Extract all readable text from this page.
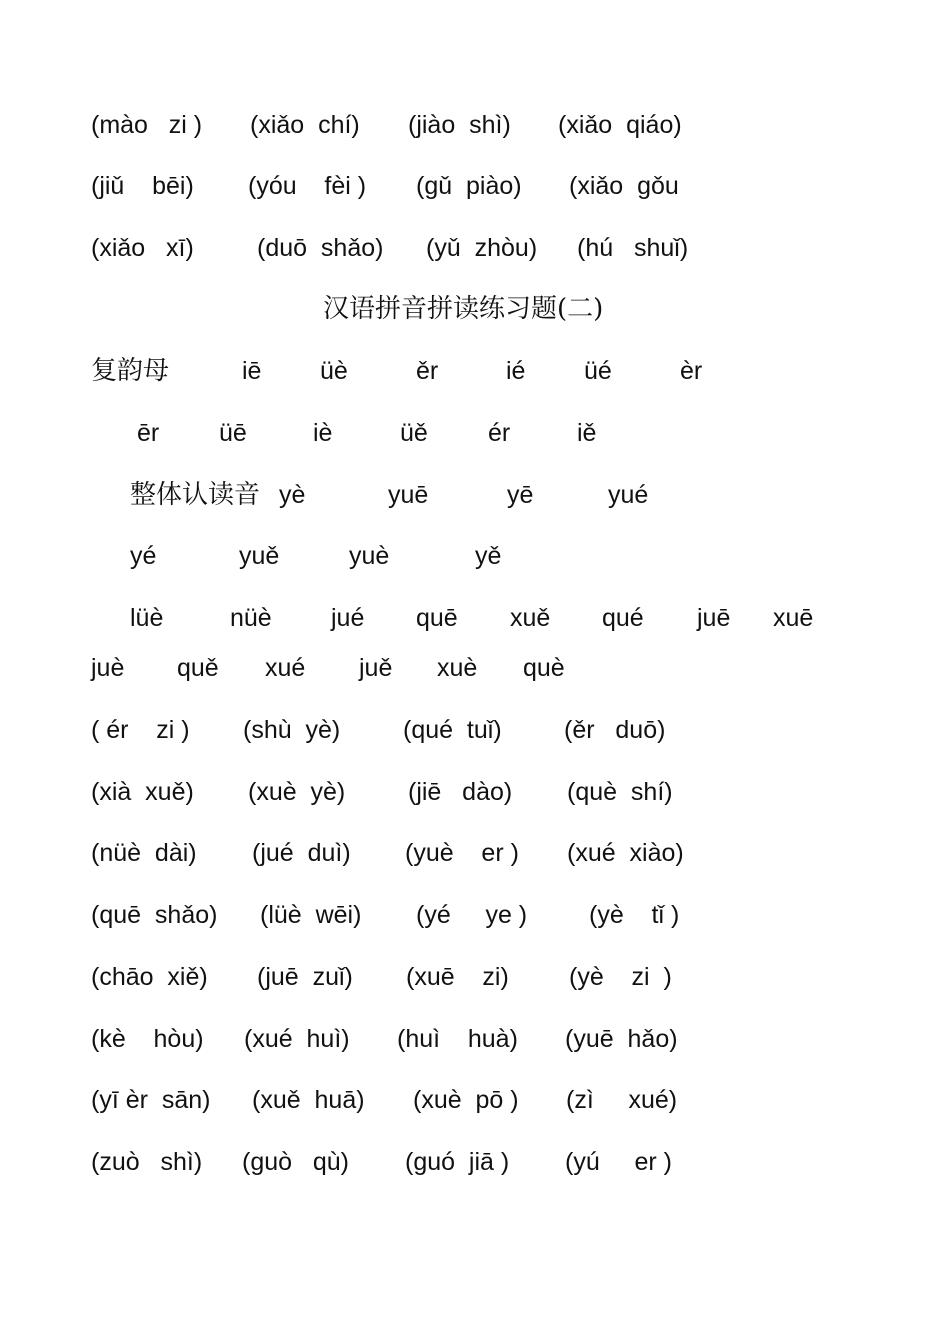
(mào   zi ) (xiǎo  chí) (jiào  shì) (xiǎo  qiáo)
(jiǔ    bēi) (yóu    fèi ) (gǔ  piào) (xiǎo  gǒu
(xiǎo   xī)	(duō  shǎo) (yǔ  zhòu) (hú   shuǐ)
汉语拼音拼读练习题(二)
复韵母	iē üè	ěr	ié üé	èr
ēr üē	iè	üě ér	iě
整体认读音 yè	yuē	yē	yué
yé	yuě	yuè	yě
lüè	nüè jué quē xuě qué juē xuē
juè quě xué juě xuè què
( ér    zi ) (shù  yè)	(qué  tuǐ) (ěr   duō)
(xià  xuě) (xuè  yè)	(jiē   dào) (què  shí)
(nüè  dài) (jué  duì) (yuè    er ) (xué  xiào)
(quē  shǎo) (lüè  wēi) (yé     ye ) (yè    tǐ )
(chāo  xiě) (juē  zuǐ) (xuē    zi) (yè    zi  )
(kè    hòu) (xué  huì) (huì    huà) (yuē  hǎo)
(yī èr  sān) (xuě  huā) (xuè  pō ) (zì     xué)
(zuò   shì) (guò   qù) (guó  jiā ) (yú     er )
